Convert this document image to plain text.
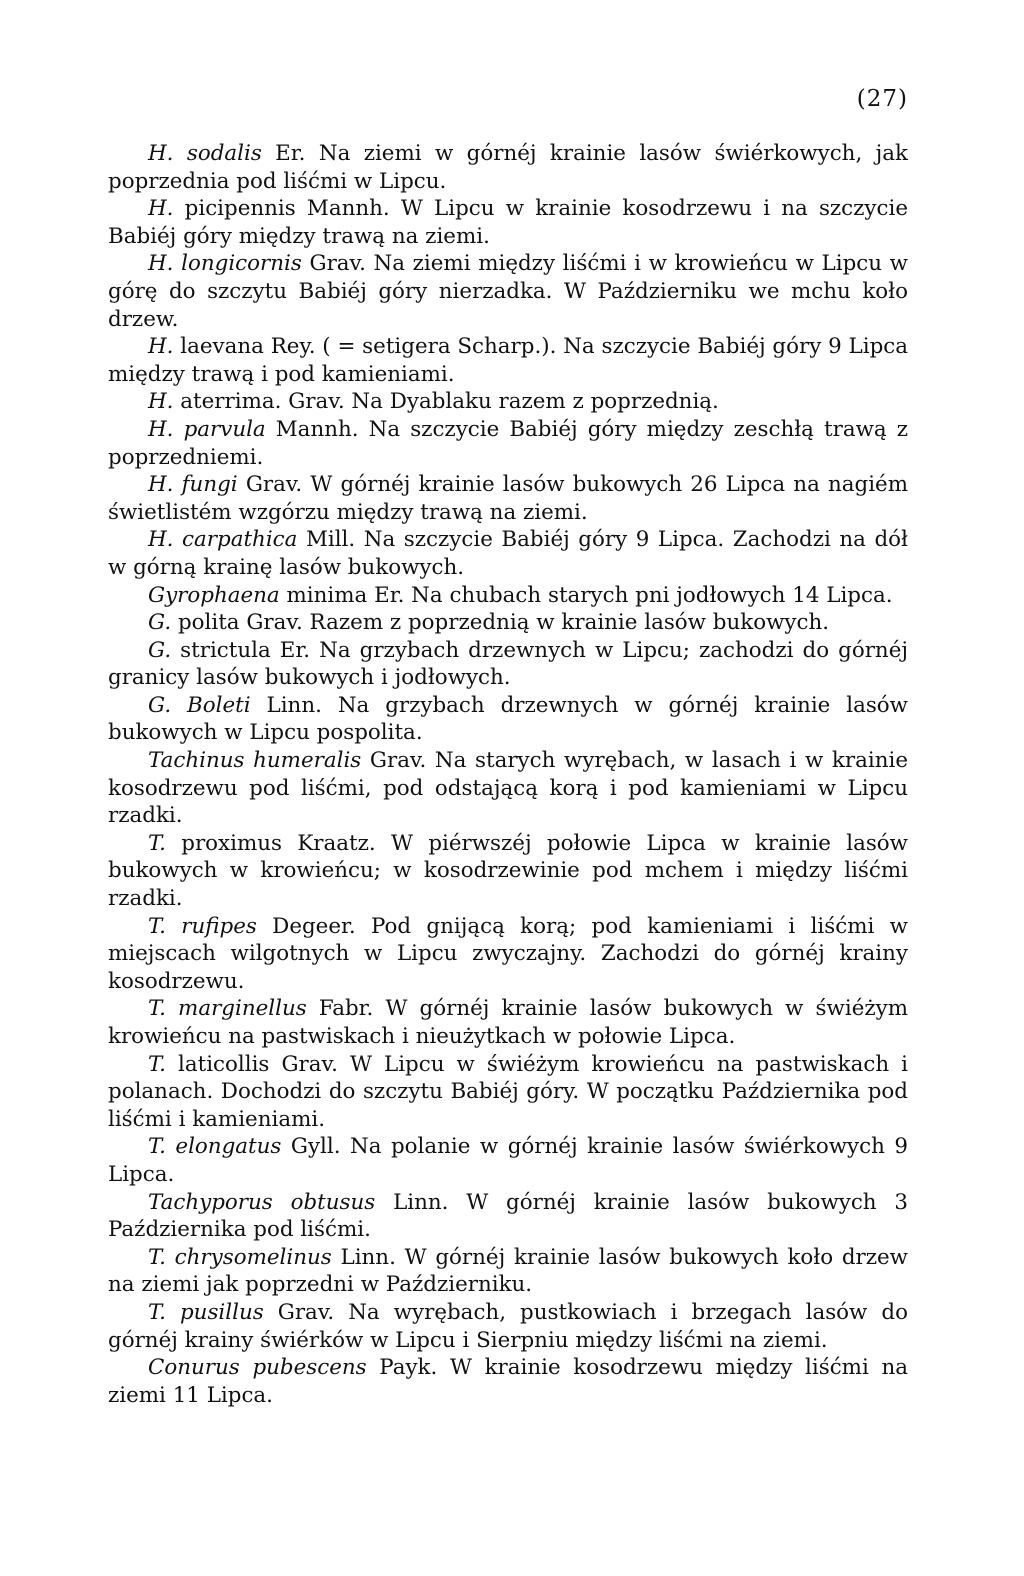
(27)

H. sodalis Er. Na ziemi w górnéj krainie lasów świérkowych, jak poprzednia pod liśćmi w Lipcu.

H. picipennis Mannh. W Lipcu w krainie kosodrzewu i na szczycie Babiéj góry między trawą na ziemi.

H. longicornis Grav. Na ziemi między liśćmi i w krowieńcu w Lipcu w górę do szczytu Babiéj góry nierzadka. W Październiku we mchu koło drzew.

H. laevana Rey. ( = setigera Scharp.). Na szczycie Babiéj góry 9 Lipca między trawą i pod kamieniami.

H. aterrima. Grav. Na Dyablaku razem z poprzednią.

H. parvula Mannh. Na szczycie Babiéj góry między zeschłą trawą z poprzedniemi.

H. fungi Grav. W górnéj krainie lasów bukowych 26 Lipca na nagiém świetlistém wzgórzu między trawą na ziemi.

H. carpathica Mill. Na szczycie Babiéj góry 9 Lipca. Zachodzi na dół w górną krainę lasów bukowych.

Gyrophaena minima Er. Na chubach starych pni jodłowych 14 Lipca.

G. polita Grav. Razem z poprzednią w krainie lasów bukowych.

G. strictula Er. Na grzybach drzewnych w Lipcu; zachodzi do górnéj granicy lasów bukowych i jodłowych.

G. Boleti Linn. Na grzybach drzewnych w górnéj krainie lasów bukowych w Lipcu pospolita.

Tachinus humeralis Grav. Na starych wyrębach, w lasach i w krainie kosodrzewu pod liśćmi, pod odstającą korą i pod kamieniami w Lipcu rzadki.

T. proximus Kraatz. W piérwszéj połowie Lipca w krainie lasów bukowych w krowieńcu; w kosodrzewinie pod mchem i między liśćmi rzadki.

T. rufipes Degeer. Pod gnijącą korą; pod kamieniami i liśćmi w miejscach wilgotnych w Lipcu zwyczajny. Zachodzi do górnéj krainy kosodrzewu.

T. marginellus Fabr. W górnéj krainie lasów bukowych w świéżym krowieńcu na pastwiskach i nieużytkach w połowie Lipca.

T. laticollis Grav. W Lipcu w świéżym krowieńcu na pastwiskach i polanach. Dochodzi do szczytu Babiéj góry. W początku Października pod liśćmi i kamieniami.

T. elongatus Gyll. Na polanie w górnéj krainie lasów świérkowych 9 Lipca.

Tachyporus obtusus Linn. W górnéj krainie lasów bukowych 3 Października pod liśćmi.

T. chrysomelinus Linn. W górnéj krainie lasów bukowych koło drzew na ziemi jak poprzedni w Październiku.

T. pusillus Grav. Na wyrębach, pustkowiach i brzegach lasów do górnéj krainy świérków w Lipcu i Sierpniu między liśćmi na ziemi.

Conurus pubescens Payk. W krainie kosodrzewu między liśćmi na ziemi 11 Lipca.
